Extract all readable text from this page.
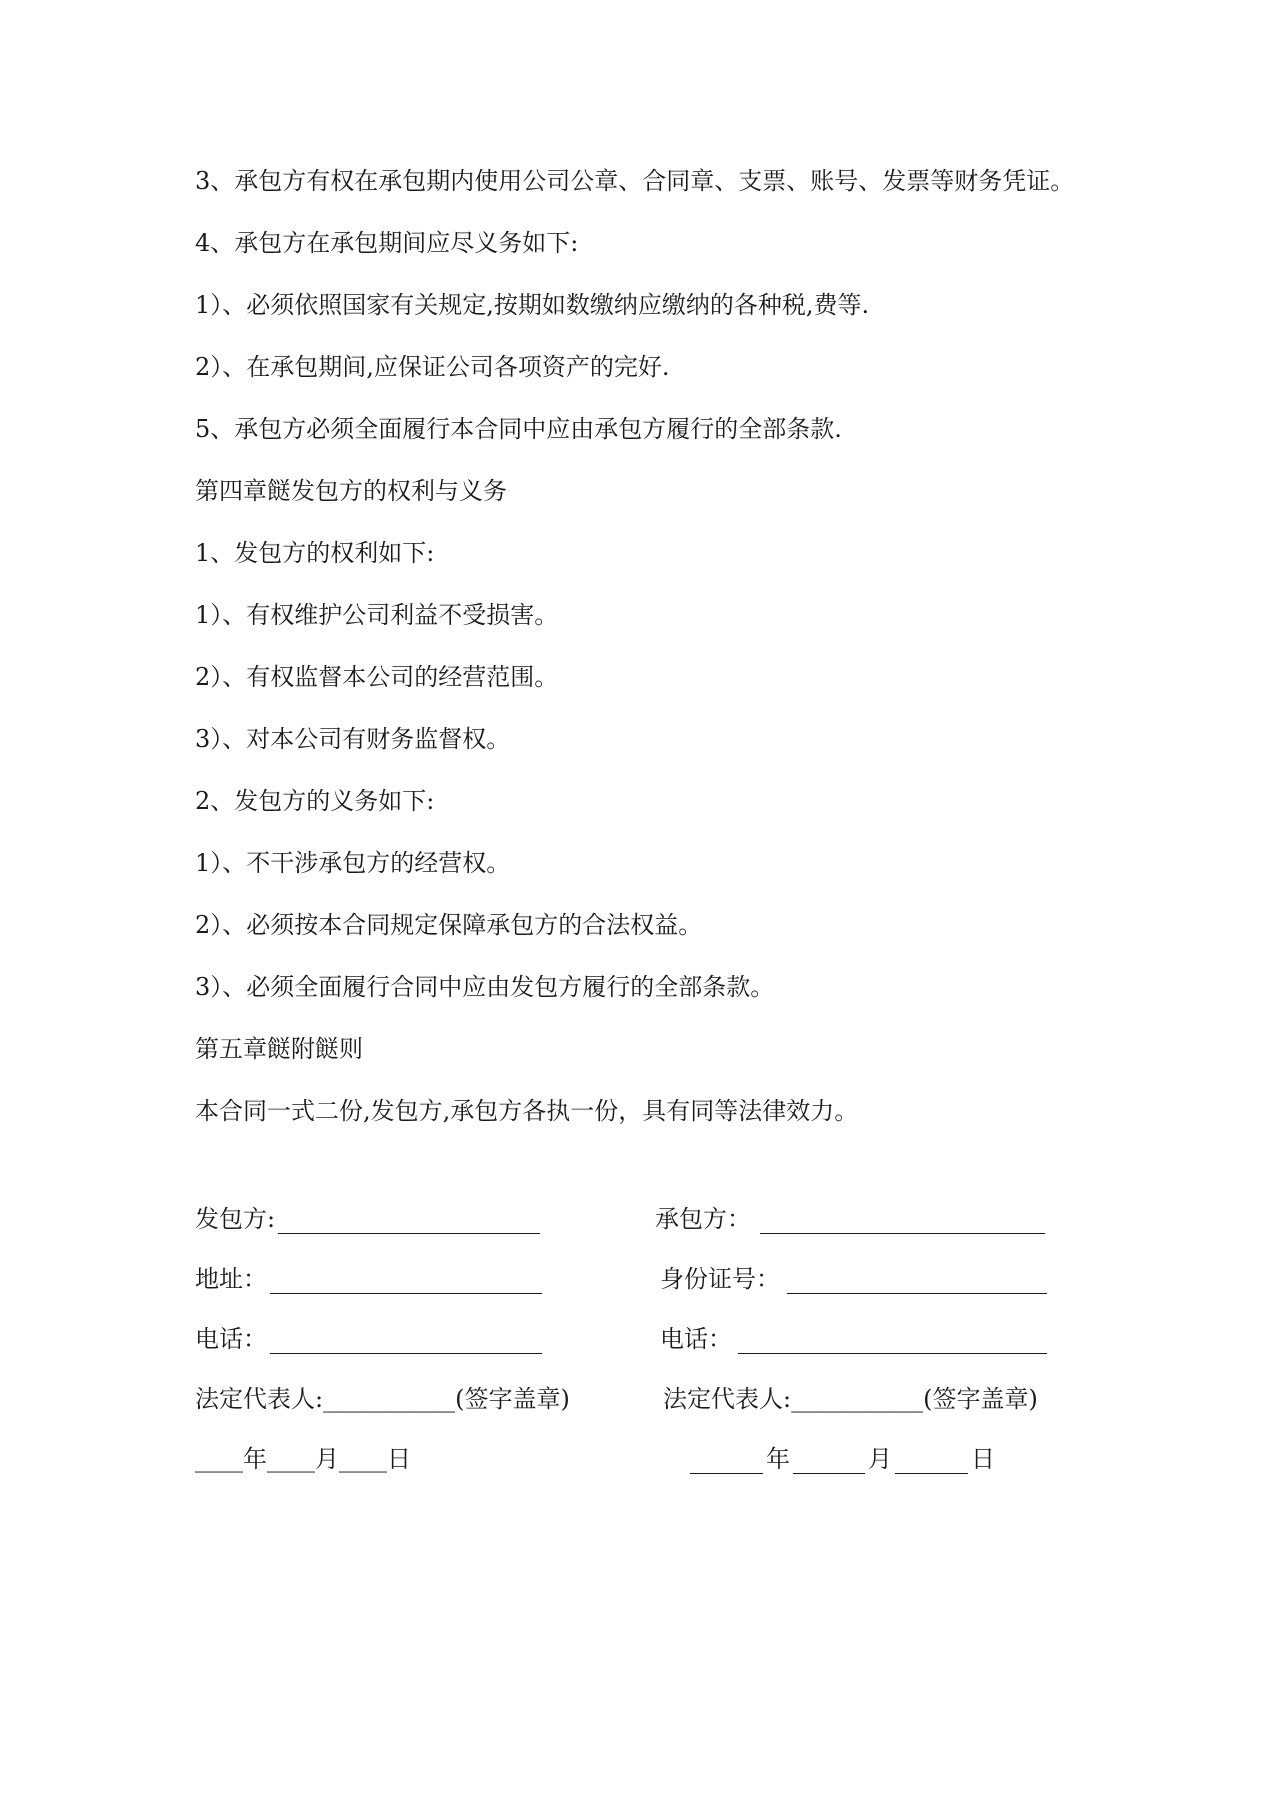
3、承包方有权在承包期内使用公司公章、合同章、支票、账号、发票等财务凭证。

4、承包方在承包期间应尽义务如下:

1）、必须依照国家有关规定,按期如数缴纳应缴纳的各种税,费等.

2）、在承包期间,应保证公司各项资产的完好.

5、承包方必须全面履行本合同中应由承包方履行的全部条款.

第四章餸发包方的权利与义务

1、发包方的权利如下:

1）、有权维护公司利益不受损害。

2）、有权监督本公司的经营范围。

3）、对本公司有财务监督权。

2、发包方的义务如下:

1）、不干涉承包方的经营权。

2）、必须按本合同规定保障承包方的合法权益。

3）、必须全面履行合同中应由发包方履行的全部条款。

第五章餸附餸则

本合同一式二份,发包方,承包方各执一份，具有同等法律效力。

发包方:	承包方：
地址：	身份证号：
电话：	电话：
法定代表人:___________(签字盖章)	法定代表人:___________(签字盖章)
____年____月____日	年	月	日
